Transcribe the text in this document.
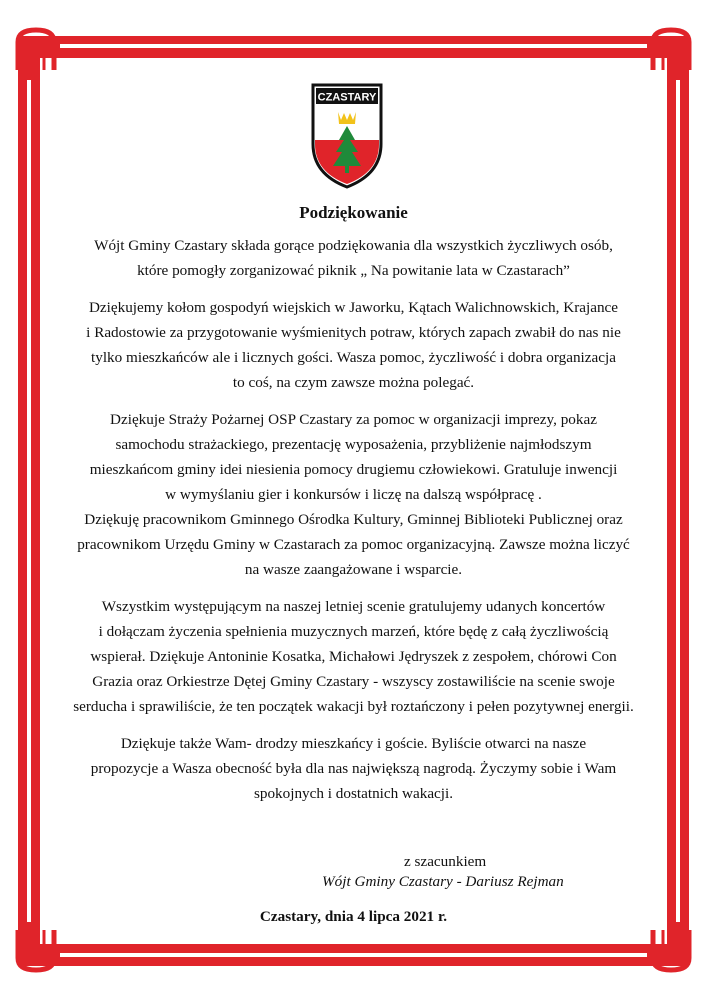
CZASTARY
Podziękowanie

Wójt Gminy Czastary składa gorące podziękowania dla wszystkich życzliwych osób,

które pomogły zorganizować piknik „ Na powitanie lata w Czastarach”

Dziękujemy kołom gospodyń wiejskich w Jaworku, Kątach Walichnowskich, Krajance

i Radostowie za przygotowanie wyśmienitych potraw, których zapach zwabił do nas nie

tylko mieszkańców ale i licznych gości. Wasza pomoc, życzliwość i dobra organizacja

to coś, na czym zawsze można polegać.

Dziękuje Straży Pożarnej OSP Czastary za pomoc w organizacji imprezy, pokaz

samochodu strażackiego, prezentację wyposażenia, przybliżenie najmłodszym

mieszkańcom gminy idei niesienia pomocy drugiemu człowiekowi. Gratuluje inwencji

w wymyślaniu gier i konkursów i liczę na dalszą współpracę .

Dziękuję pracownikom Gminnego Ośrodka Kultury, Gminnej Biblioteki Publicznej oraz

pracownikom Urzędu Gminy w Czastarach za pomoc organizacyjną. Zawsze można liczyć

na wasze zaangażowane i wsparcie.

Wszystkim występującym na naszej letniej scenie gratulujemy udanych koncertów

i dołączam życzenia spełnienia muzycznych marzeń, które będę z całą życzliwością

wspierał. Dziękuje Antoninie Kosatka, Michałowi Jędryszek z zespołem, chórowi Con

Grazia oraz Orkiestrze Dętej Gminy Czastary - wszyscy zostawiliście na scenie swoje

serducha i sprawiliście, że ten początek wakacji był roztańczony i pełen pozytywnej energii.

Dziękuje także Wam- drodzy mieszkańcy i goście. Byliście otwarci na nasze

propozycje a Wasza obecność była dla nas największą nagrodą. Życzymy sobie i Wam

spokojnych i dostatnich wakacji.

z szacunkiem
Wójt Gminy Czastary - Dariusz Rejman
Czastary, dnia 4 lipca 2021 r.
